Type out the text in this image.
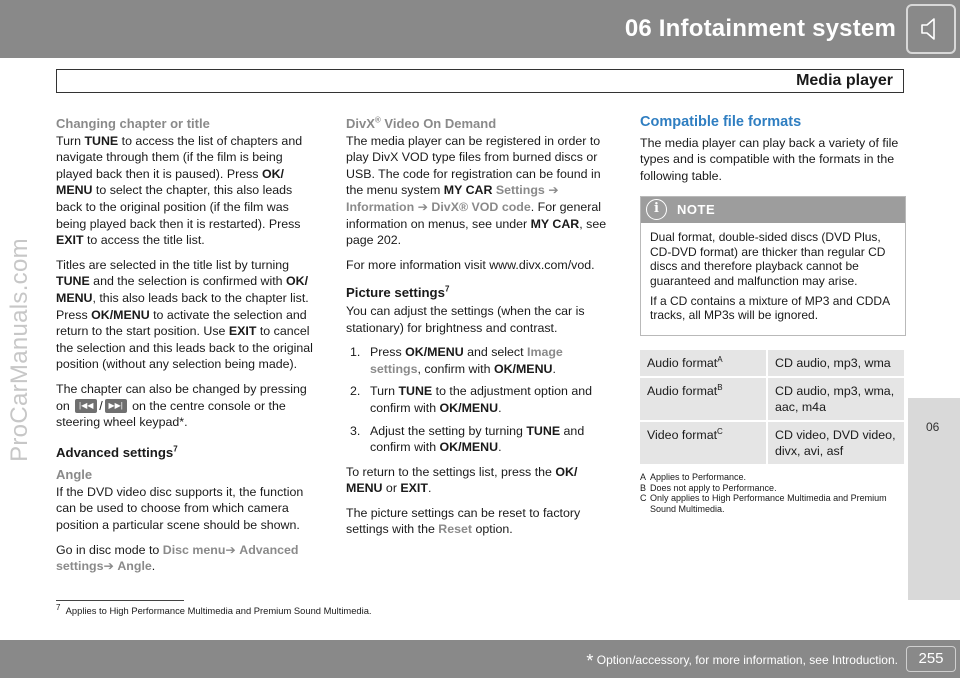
06 Infotainment system
Media player
06
ProCarManuals.com
Changing chapter or title

Turn TUNE to access the list of chapters and navigate through them (if the film is being played back then it is paused). Press OK/ MENU to select the chapter, this also leads back to the original position (if the film was being played back then it is restarted). Press EXIT to access the title list.

Titles are selected in the title list by turning TUNE and the selection is confirmed with OK/ MENU, this also leads back to the chapter list. Press OK/MENU to activate the selection and return to the start position. Use EXIT to cancel the selection and this leads back to the original position (without any selection being made).

The chapter can also be changed by pressing on |◀◀ / ▶▶| on the centre console or the steering wheel keypad*.

Advanced settings$^7$
Angle

If the DVD video disc supports it, the function can be used to choose from which camera position a particular scene should be shown.

Go in disc mode to Disc menu➔ Advanced settings➔ Angle.

DivX® Video On Demand

The media player can be registered in order to play DivX VOD type files from burned discs or USB. The code for registration can be found in the menu system MY CAR Settings ➔ Information ➔ DivX® VOD code. For general information on menus, see under MY CAR, see page 202.

For more information visit www.divx.com/vod.

Picture settings$^7$

You can adjust the settings (when the car is stationary) for brightness and contrast.

1. Press OK/MENU and select Image settings, confirm with OK/MENU.
2. Turn TUNE to the adjustment option and confirm with OK/MENU.
3. Adjust the setting by turning TUNE and confirm with OK/MENU.

To return to the settings list, press the OK/ MENU or EXIT.

The picture settings can be reset to factory settings with the Reset option.

Compatible file formats

The media player can play back a variety of file types and is compatible with the formats in the following table.

i	NOTE

Dual format, double-sided discs (DVD Plus, CD-DVD format) are thicker than regular CD discs and therefore playback cannot be guaranteed and malfunction may arise.

If a CD contains a mixture of MP3 and CDDA tracks, all MP3s will be ignored.

Audio format$^A$	CD audio, mp3, wma
Audio format$^B$	CD audio, mp3, wma, aac, m4a
Video format$^C$	CD video, DVD video, divx, avi, asf
A Applies to Performance.
B Does not apply to Performance.
C Only applies to High Performance Multimedia and Premium Sound Multimedia.
$^7$ Applies to High Performance Multimedia and Premium Sound Multimedia.
* Option/accessory, for more information, see Introduction.	255
